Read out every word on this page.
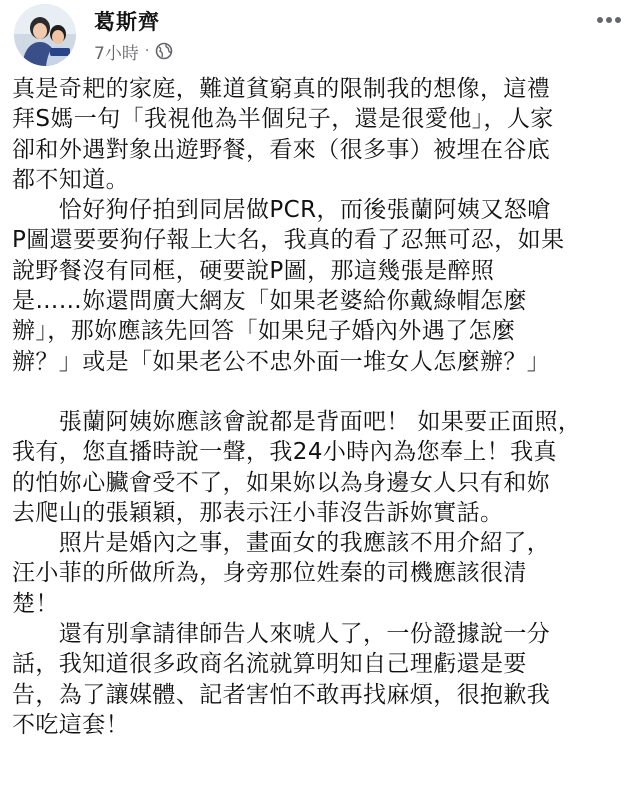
葛斯齊
7小時 ·

真是奇耙的家庭，難道貧窮真的限制我的想像，這禮
拜S媽一句「我視他為半個兒子，還是很愛他」，人家
卻和外遇對象出遊野餐，看來（很多事）被埋在谷底
都不知道。

　　恰好狗仔拍到同居做PCR，而後張蘭阿姨又怒嗆
P圖還要要狗仔報上大名，我真的看了忍無可忍，如果
說野餐沒有同框，硬要說P圖，那這幾張是醉照
是……妳還問廣大網友「如果老婆給你戴綠帽怎麼
辦」，那妳應該先回答「如果兒子婚內外遇了怎麼
辦？」或是「如果老公不忠外面一堆女人怎麼辦？」

　　張蘭阿姨妳應該會說都是背面吧！ 如果要正面照，
我有，您直播時說一聲，我24小時內為您奉上！我真
的怕妳心臟會受不了，如果妳以為身邊女人只有和妳
去爬山的張穎穎，那表示汪小菲沒告訴妳實話。

　　照片是婚內之事，畫面女的我應該不用介紹了，
汪小菲的所做所為，身旁那位姓秦的司機應該很清
楚！

　　還有別拿請律師告人來唬人了，一份證據說一分
話，我知道很多政商名流就算明知自己理虧還是要
告，為了讓媒體、記者害怕不敢再找麻煩，很抱歉我
不吃這套！
